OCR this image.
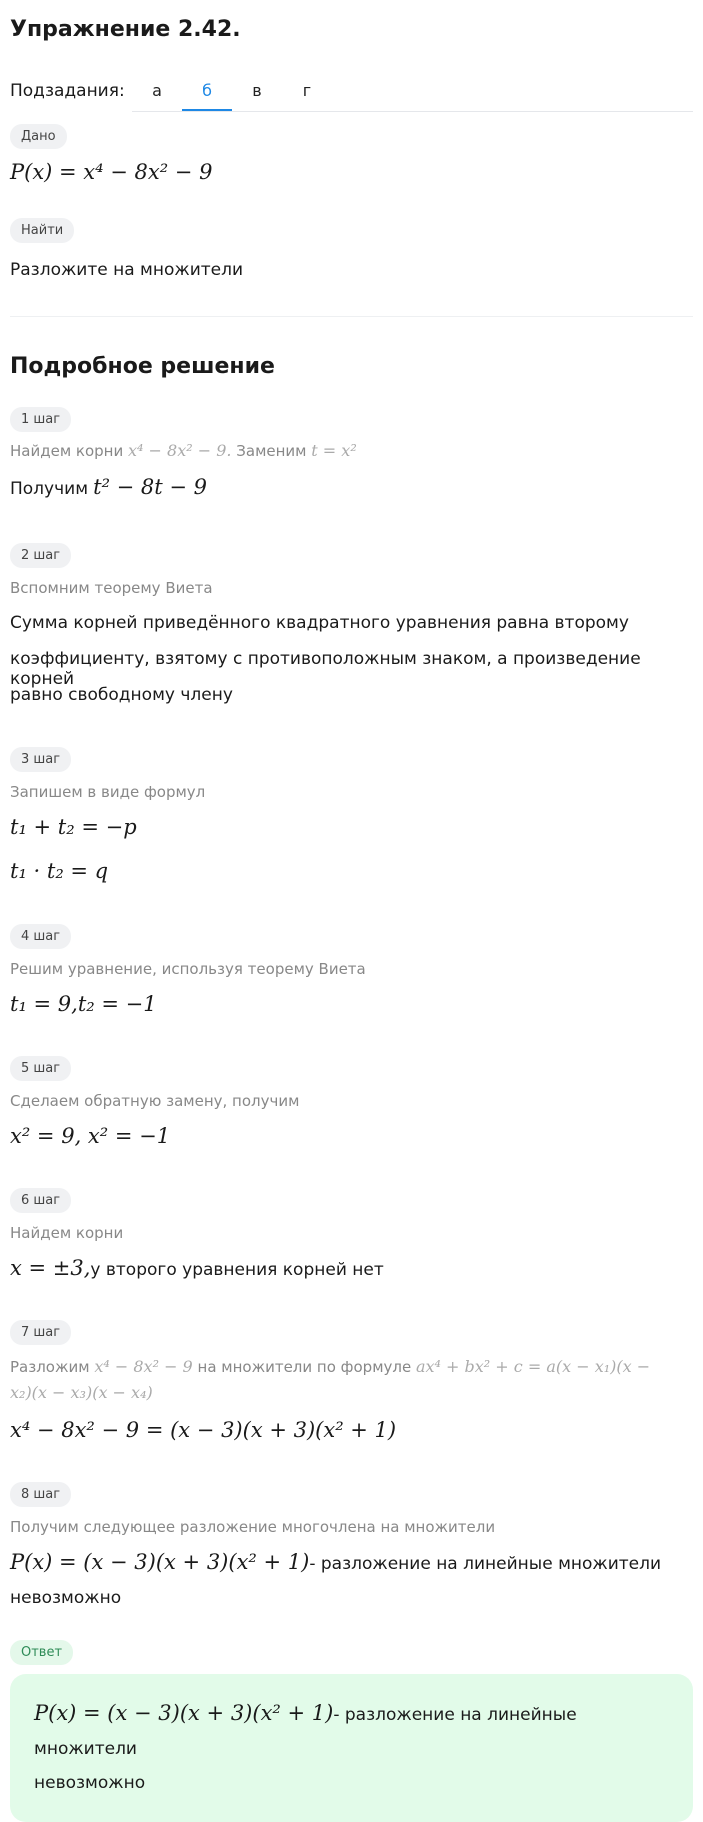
Упражнение 2.42.
Подзадания:	а	б	в	г
Дано
P(x) = x⁴ − 8x² − 9
Найти
Разложите на множители
Подробное решение
1 шаг
Найдем корни x⁴ − 8x² − 9. Заменим t = x²
Получим t² − 8t − 9
2 шаг
Вспомним теорему Виета
Сумма корней приведённого квадратного уравнения равна второму
коэффициенту, взятому с противоположным знаком, а произведение корней
равно свободному члену
3 шаг
Запишем в виде формул
t₁ + t₂ = −p
t₁ · t₂ = q
4 шаг
Решим уравнение, используя теорему Виета
t₁ = 9,t₂ = −1
5 шаг
Сделаем обратную замену, получим
x² = 9, x² = −1
6 шаг
Найдем корни
x = ±3,у второго уравнения корней нет
7 шаг
Разложим x⁴ − 8x² − 9 на множители по формуле ax⁴ + bx² + c = a(x − x₁)(x −
x₂)(x − x₃)(x − x₄)
x⁴ − 8x² − 9 = (x − 3)(x + 3)(x² + 1)
8 шаг
Получим следующее разложение многочлена на множители
P(x) = (x − 3)(x + 3)(x² + 1)- разложение на линейные множители
невозможно
Ответ
P(x) = (x − 3)(x + 3)(x² + 1)- разложение на линейные множители
невозможно
